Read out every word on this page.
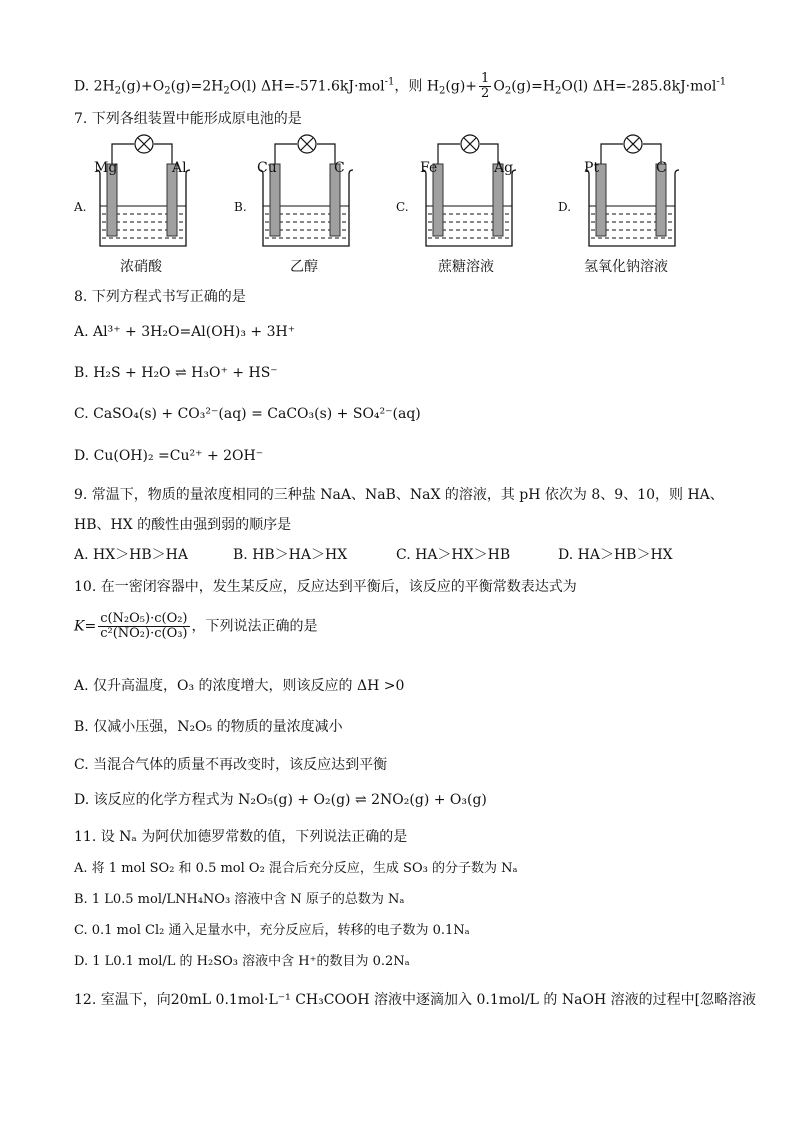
D. $2H_2(g)+O_2(g)=2H_2O(l)$ ΔH=-571.6kJ·mol$^{-1}$，则 $H_2(g)+ \frac{1}{2} O_2(g)=H_2O(l)$ ΔH=-285.8kJ·mol$^{-1}$
7. 下列各组装置中能形成原电池的是
Mg	Al	Cu	C	Fe	Ag	Pt	C
A.	B.	C.	D.
浓硝酸	乙醇	蔗糖溶液	氢氧化钠溶液
8. 下列方程式书写正确的是
A. Al³⁺ + 3H₂O=Al(OH)₃ + 3H⁺
B. H₂S + H₂O ⇌ H₃O⁺ + HS⁻
C. CaSO₄(s) + CO₃²⁻(aq) = CaCO₃(s) + SO₄²⁻(aq)
D. Cu(OH)₂ =Cu²⁺ + 2OH⁻
9. 常温下，物质的量浓度相同的三种盐 NaA、NaB、NaX 的溶液，其 pH 依次为 8、9、10，则 HA、
HB、HX 的酸性由强到弱的顺序是
A. HX＞HB＞HA	B. HB＞HA＞HX	C. HA＞HX＞HB	D. HA＞HB＞HX
10. 在一密闭容器中，发生某反应，反应达到平衡后，该反应的平衡常数表达式为
$K= \frac{\text{c(N₂O₅)·c(O₂)}}{\text{c²(NO₂)·c(O₃)}}$ ，下列说法正确的是
A. 仅升高温度，O₃ 的浓度增大，则该反应的 ΔH >0
B. 仅减小压强，N₂O₅ 的物质的量浓度减小
C. 当混合气体的质量不再改变时，该反应达到平衡
D. 该反应的化学方程式为 N₂O₅(g) + O₂(g) ⇌ 2NO₂(g) + O₃(g)
11. 设 Nₐ 为阿伏加德罗常数的值，下列说法正确的是
A. 将 1 mol SO₂ 和 0.5 mol O₂ 混合后充分反应，生成 SO₃ 的分子数为 Nₐ
B. 1 L0.5 mol/LNH₄NO₃ 溶液中含 N 原子的总数为 Nₐ
C. 0.1 mol Cl₂ 通入足量水中，充分反应后，转移的电子数为 0.1Nₐ
D. 1 L0.1 mol/L 的 H₂SO₃ 溶液中含 H⁺的数目为 0.2Nₐ
12. 室温下，向20mL 0.1mol·L⁻¹ CH₃COOH 溶液中逐滴加入 0.1mol/L 的 NaOH 溶液的过程中[忽略溶液
